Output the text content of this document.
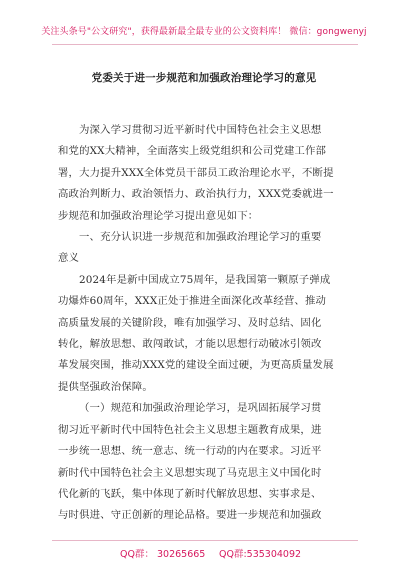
关注头条号"公文研究"，获得最新最全最专业的公文资料库！ 微信：gongwenyj
党委关于进一步规范和加强政治理论学习的意见
为深入学习贯彻习近平新时代中国特色社会主义思想
和党的XX大精神，全面落实上级党组织和公司党建工作部
署，大力提升XXX全体党员干部员工政治理论水平，不断提
高政治判断力、政治领悟力、政治执行力，XXX党委就进一
步规范和加强政治理论学习提出意见如下：
一、充分认识进一步规范和加强政治理论学习的重要
意义
2024年是新中国成立75周年，是我国第一颗原子弹成
功爆炸60周年，XXX正处于推进全面深化改革经营、推动
高质量发展的关键阶段，唯有加强学习、及时总结、固化
转化，解放思想、敢闯敢试，才能以思想行动破冰引领改
革发展突围，推动XXX党的建设全面过硬，为更高质量发展
提供坚强政治保障。
（一）规范和加强政治理论学习，是巩固拓展学习贯
彻习近平新时代中国特色社会主义思想主题教育成果，进
一步统一思想、统一意志、统一行动的内在要求。习近平
新时代中国特色社会主义思想实现了马克思主义中国化时
代化新的飞跃，集中体现了新时代解放思想、实事求是、
与时俱进、守正创新的理论品格。要进一步规范和加强政
QQ群： 30265665 QQ群:535304092
